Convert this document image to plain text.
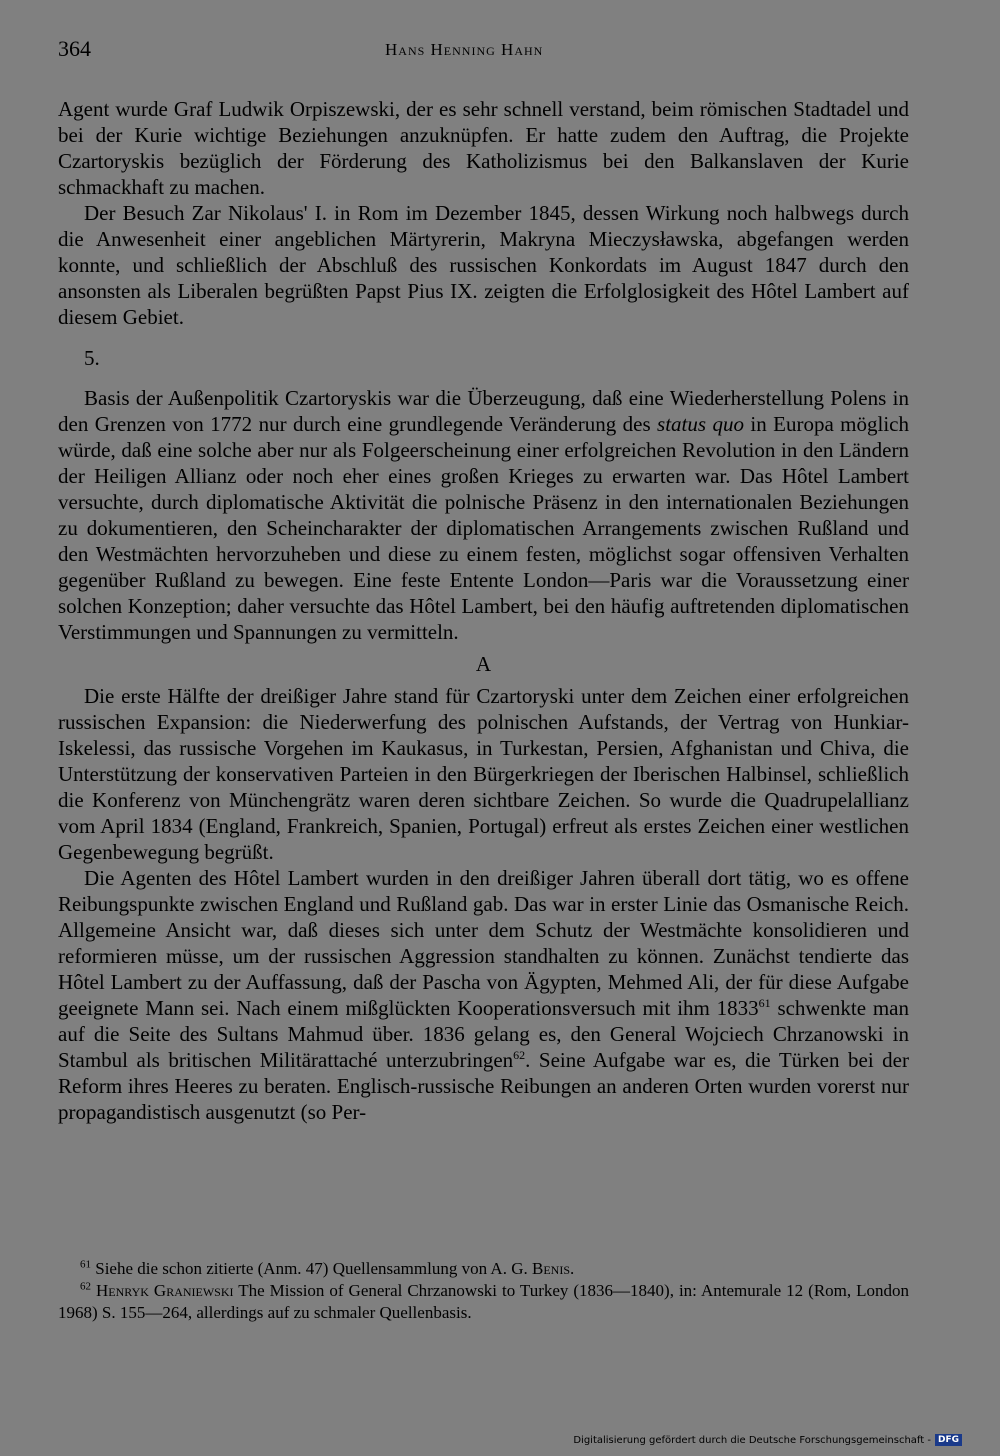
364	Hans Henning Hahn

Agent wurde Graf Ludwik Orpiszewski, der es sehr schnell verstand, beim römischen Stadtadel und bei der Kurie wichtige Beziehungen anzuknüpfen. Er hatte zudem den Auftrag, die Projekte Czartoryskis bezüglich der Förderung des Katholizismus bei den Balkanslaven der Kurie schmackhaft zu machen.

Der Besuch Zar Nikolaus' I. in Rom im Dezember 1845, dessen Wirkung noch halbwegs durch die Anwesenheit einer angeblichen Märtyrerin, Makryna Mieczysławska, abgefangen werden konnte, und schließlich der Abschluß des russischen Konkordats im August 1847 durch den ansonsten als Liberalen begrüßten Papst Pius IX. zeigten die Erfolglosigkeit des Hôtel Lambert auf diesem Gebiet.

5.

Basis der Außenpolitik Czartoryskis war die Überzeugung, daß eine Wiederherstellung Polens in den Grenzen von 1772 nur durch eine grundlegende Veränderung des status quo in Europa möglich würde, daß eine solche aber nur als Folgeerscheinung einer erfolgreichen Revolution in den Ländern der Heiligen Allianz oder noch eher eines großen Krieges zu erwarten war. Das Hôtel Lambert versuchte, durch diplomatische Aktivität die polnische Präsenz in den internationalen Beziehungen zu dokumentieren, den Scheincharakter der diplomatischen Arrangements zwischen Rußland und den Westmächten hervorzuheben und diese zu einem festen, möglichst sogar offensiven Verhalten gegenüber Rußland zu bewegen. Eine feste Entente London—Paris war die Voraussetzung einer solchen Konzeption; daher versuchte das Hôtel Lambert, bei den häufig auftretenden diplomatischen Verstimmungen und Spannungen zu vermitteln.

A

Die erste Hälfte der dreißiger Jahre stand für Czartoryski unter dem Zeichen einer erfolgreichen russischen Expansion: die Niederwerfung des polnischen Aufstands, der Vertrag von Hunkiar-Iskelessi, das russische Vorgehen im Kaukasus, in Turkestan, Persien, Afghanistan und Chiva, die Unterstützung der konservativen Parteien in den Bürgerkriegen der Iberischen Halbinsel, schließlich die Konferenz von Münchengrätz waren deren sichtbare Zeichen. So wurde die Quadrupelallianz vom April 1834 (England, Frankreich, Spanien, Portugal) erfreut als erstes Zeichen einer westlichen Gegenbewegung begrüßt.

Die Agenten des Hôtel Lambert wurden in den dreißiger Jahren überall dort tätig, wo es offene Reibungspunkte zwischen England und Rußland gab. Das war in erster Linie das Osmanische Reich. Allgemeine Ansicht war, daß dieses sich unter dem Schutz der Westmächte konsolidieren und reformieren müsse, um der russischen Aggression standhalten zu können. Zunächst tendierte das Hôtel Lambert zu der Auffassung, daß der Pascha von Ägypten, Mehmed Ali, der für diese Aufgabe geeignete Mann sei. Nach einem mißglückten Kooperationsversuch mit ihm 1833$^{61}$ schwenkte man auf die Seite des Sultans Mahmud über. 1836 gelang es, den General Wojciech Chrzanowski in Stambul als britischen Militärattaché unterzubringen$^{62}$. Seine Aufgabe war es, die Türken bei der Reform ihres Heeres zu beraten. Englisch-russische Reibungen an anderen Orten wurden vorerst nur propagandistisch ausgenutzt (so Per-

$^{61}$ Siehe die schon zitierte (Anm. 47) Quellensammlung von A. G. Benis.
$^{62}$ Henryk Graniewski The Mission of General Chrzanowski to Turkey (1836—1840), in: Antemurale 12 (Rom, London 1968) S. 155—264, allerdings auf zu schmaler Quellenbasis.
Digitalisierung gefördert durch die Deutsche Forschungsgemeinschaft - DFG
